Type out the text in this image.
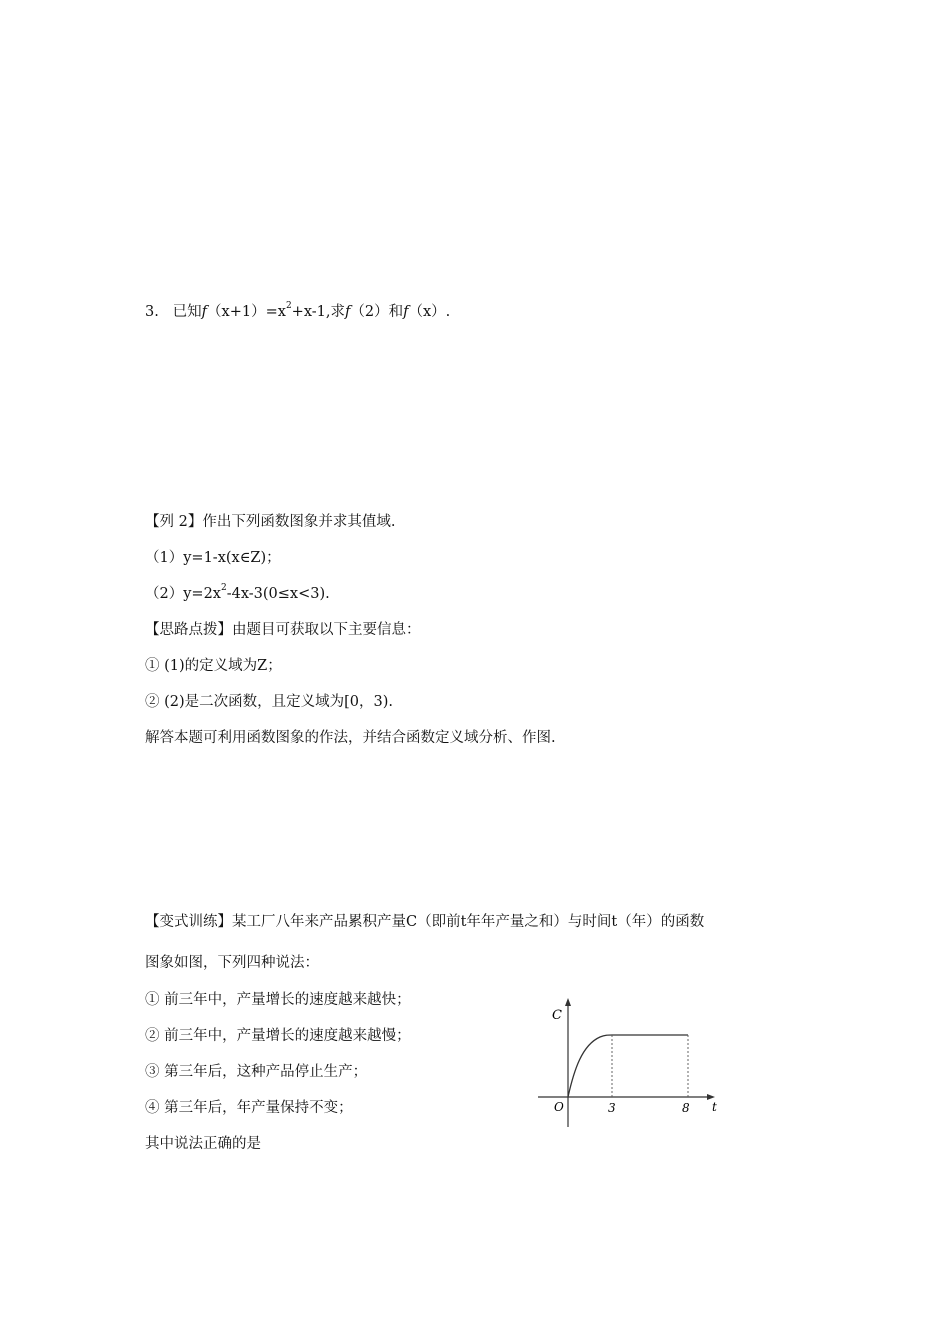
3. 已知$f(x+1)=x^2+x-1$,求f（2）和f（x）.
【列 2】作出下列函数图象并求其值域.
（1）y=1-x(x∈Z)；
$(2)y=2x^2-4x-3(0\le x<3)$.
【思路点拨】由题目可获取以下主要信息：
① (1)的定义域为Z；
② (2)是二次函数，且定义域为[0，3).
解答本题可利用函数图象的作法，并结合函数定义域分析、作图.
【变式训练】某工厂八年来产品累积产量C（即前t年年产量之和）与时间t（年）的函数
图象如图，下列四种说法：
① 前三年中，产量增长的速度越来越快；
② 前三年中，产量增长的速度越来越慢；
③ 第三年后，这种产品停止生产；
④ 第三年后，年产量保持不变；
其中说法正确的是
C
t
O	3	8
